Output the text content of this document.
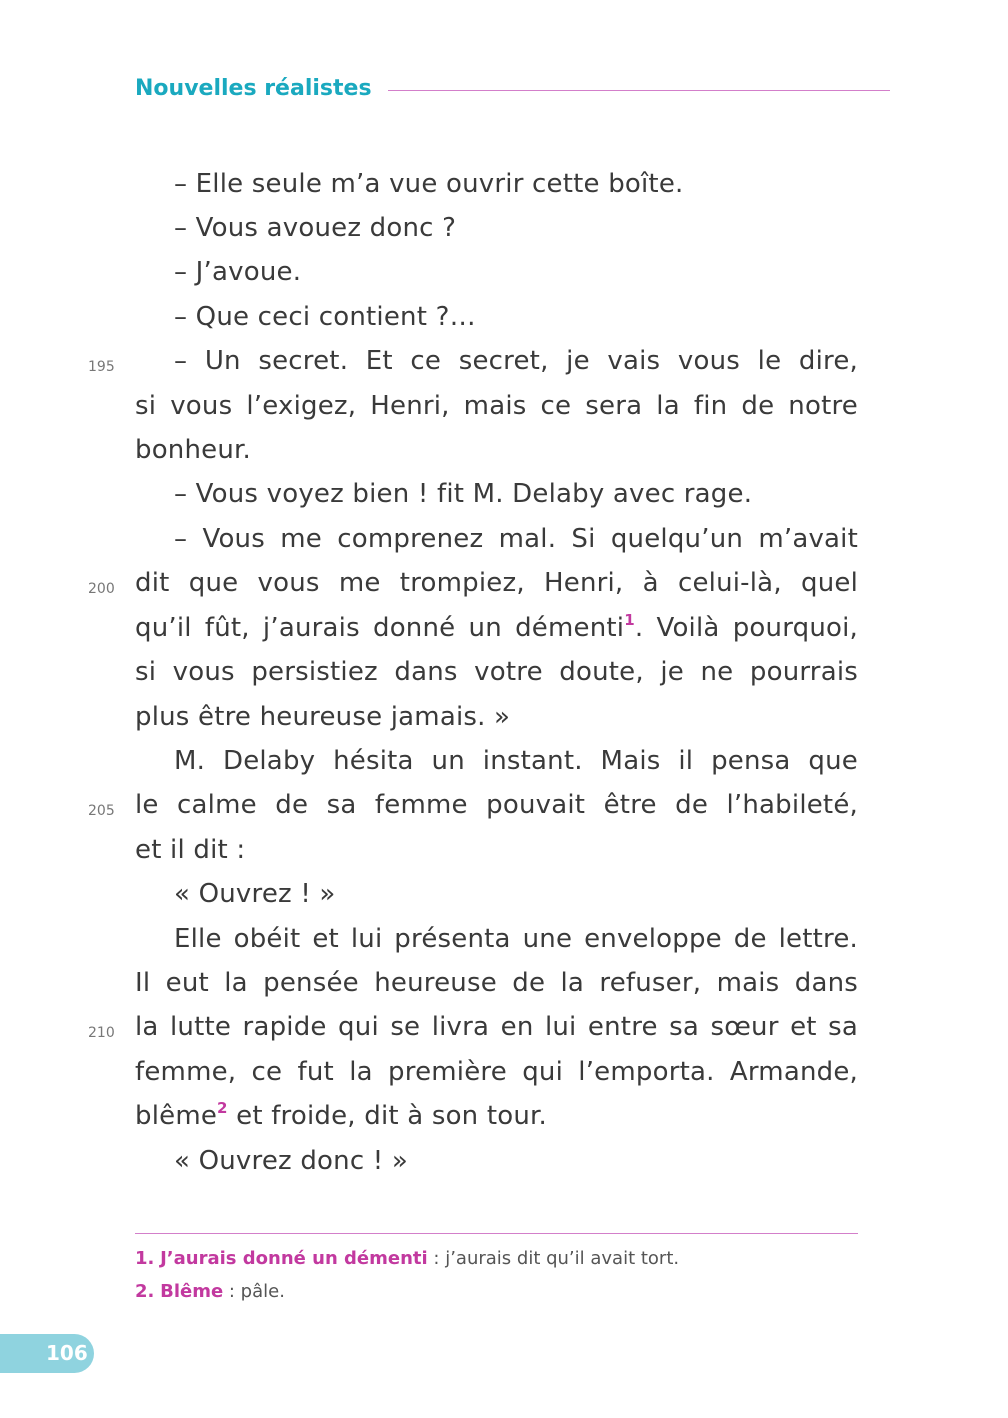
Nouvelles réalistes
– Elle seule m’a vue ouvrir cette boîte.
– Vous avouez donc ?
– J’avoue.
– Que ceci contient ?…
195 – Un secret. Et ce secret, je vais vous le dire,
si vous l’exigez, Henri, mais ce sera la fin de notre
bonheur.
– Vous voyez bien ! fit M. Delaby avec rage.
– Vous me comprenez mal. Si quelqu’un m’avait
200 dit que vous me trompiez, Henri, à celui-là, quel
qu’il fût, j’aurais donné un démenti$^1$. Voilà pourquoi,
si vous persistiez dans votre doute, je ne pourrais
plus être heureuse jamais. »
M. Delaby hésita un instant. Mais il pensa que
205 le calme de sa femme pouvait être de l’habileté,
et il dit :
« Ouvrez ! »
Elle obéit et lui présenta une enveloppe de lettre.
Il eut la pensée heureuse de la refuser, mais dans
210 la lutte rapide qui se livra en lui entre sa sœur et sa
femme, ce fut la première qui l’emporta. Armande,
blême$^2$ et froide, dit à son tour.
« Ouvrez donc ! »
1. J’aurais donné un démenti : j’aurais dit qu’il avait tort.
2. Blême : pâle.
106
